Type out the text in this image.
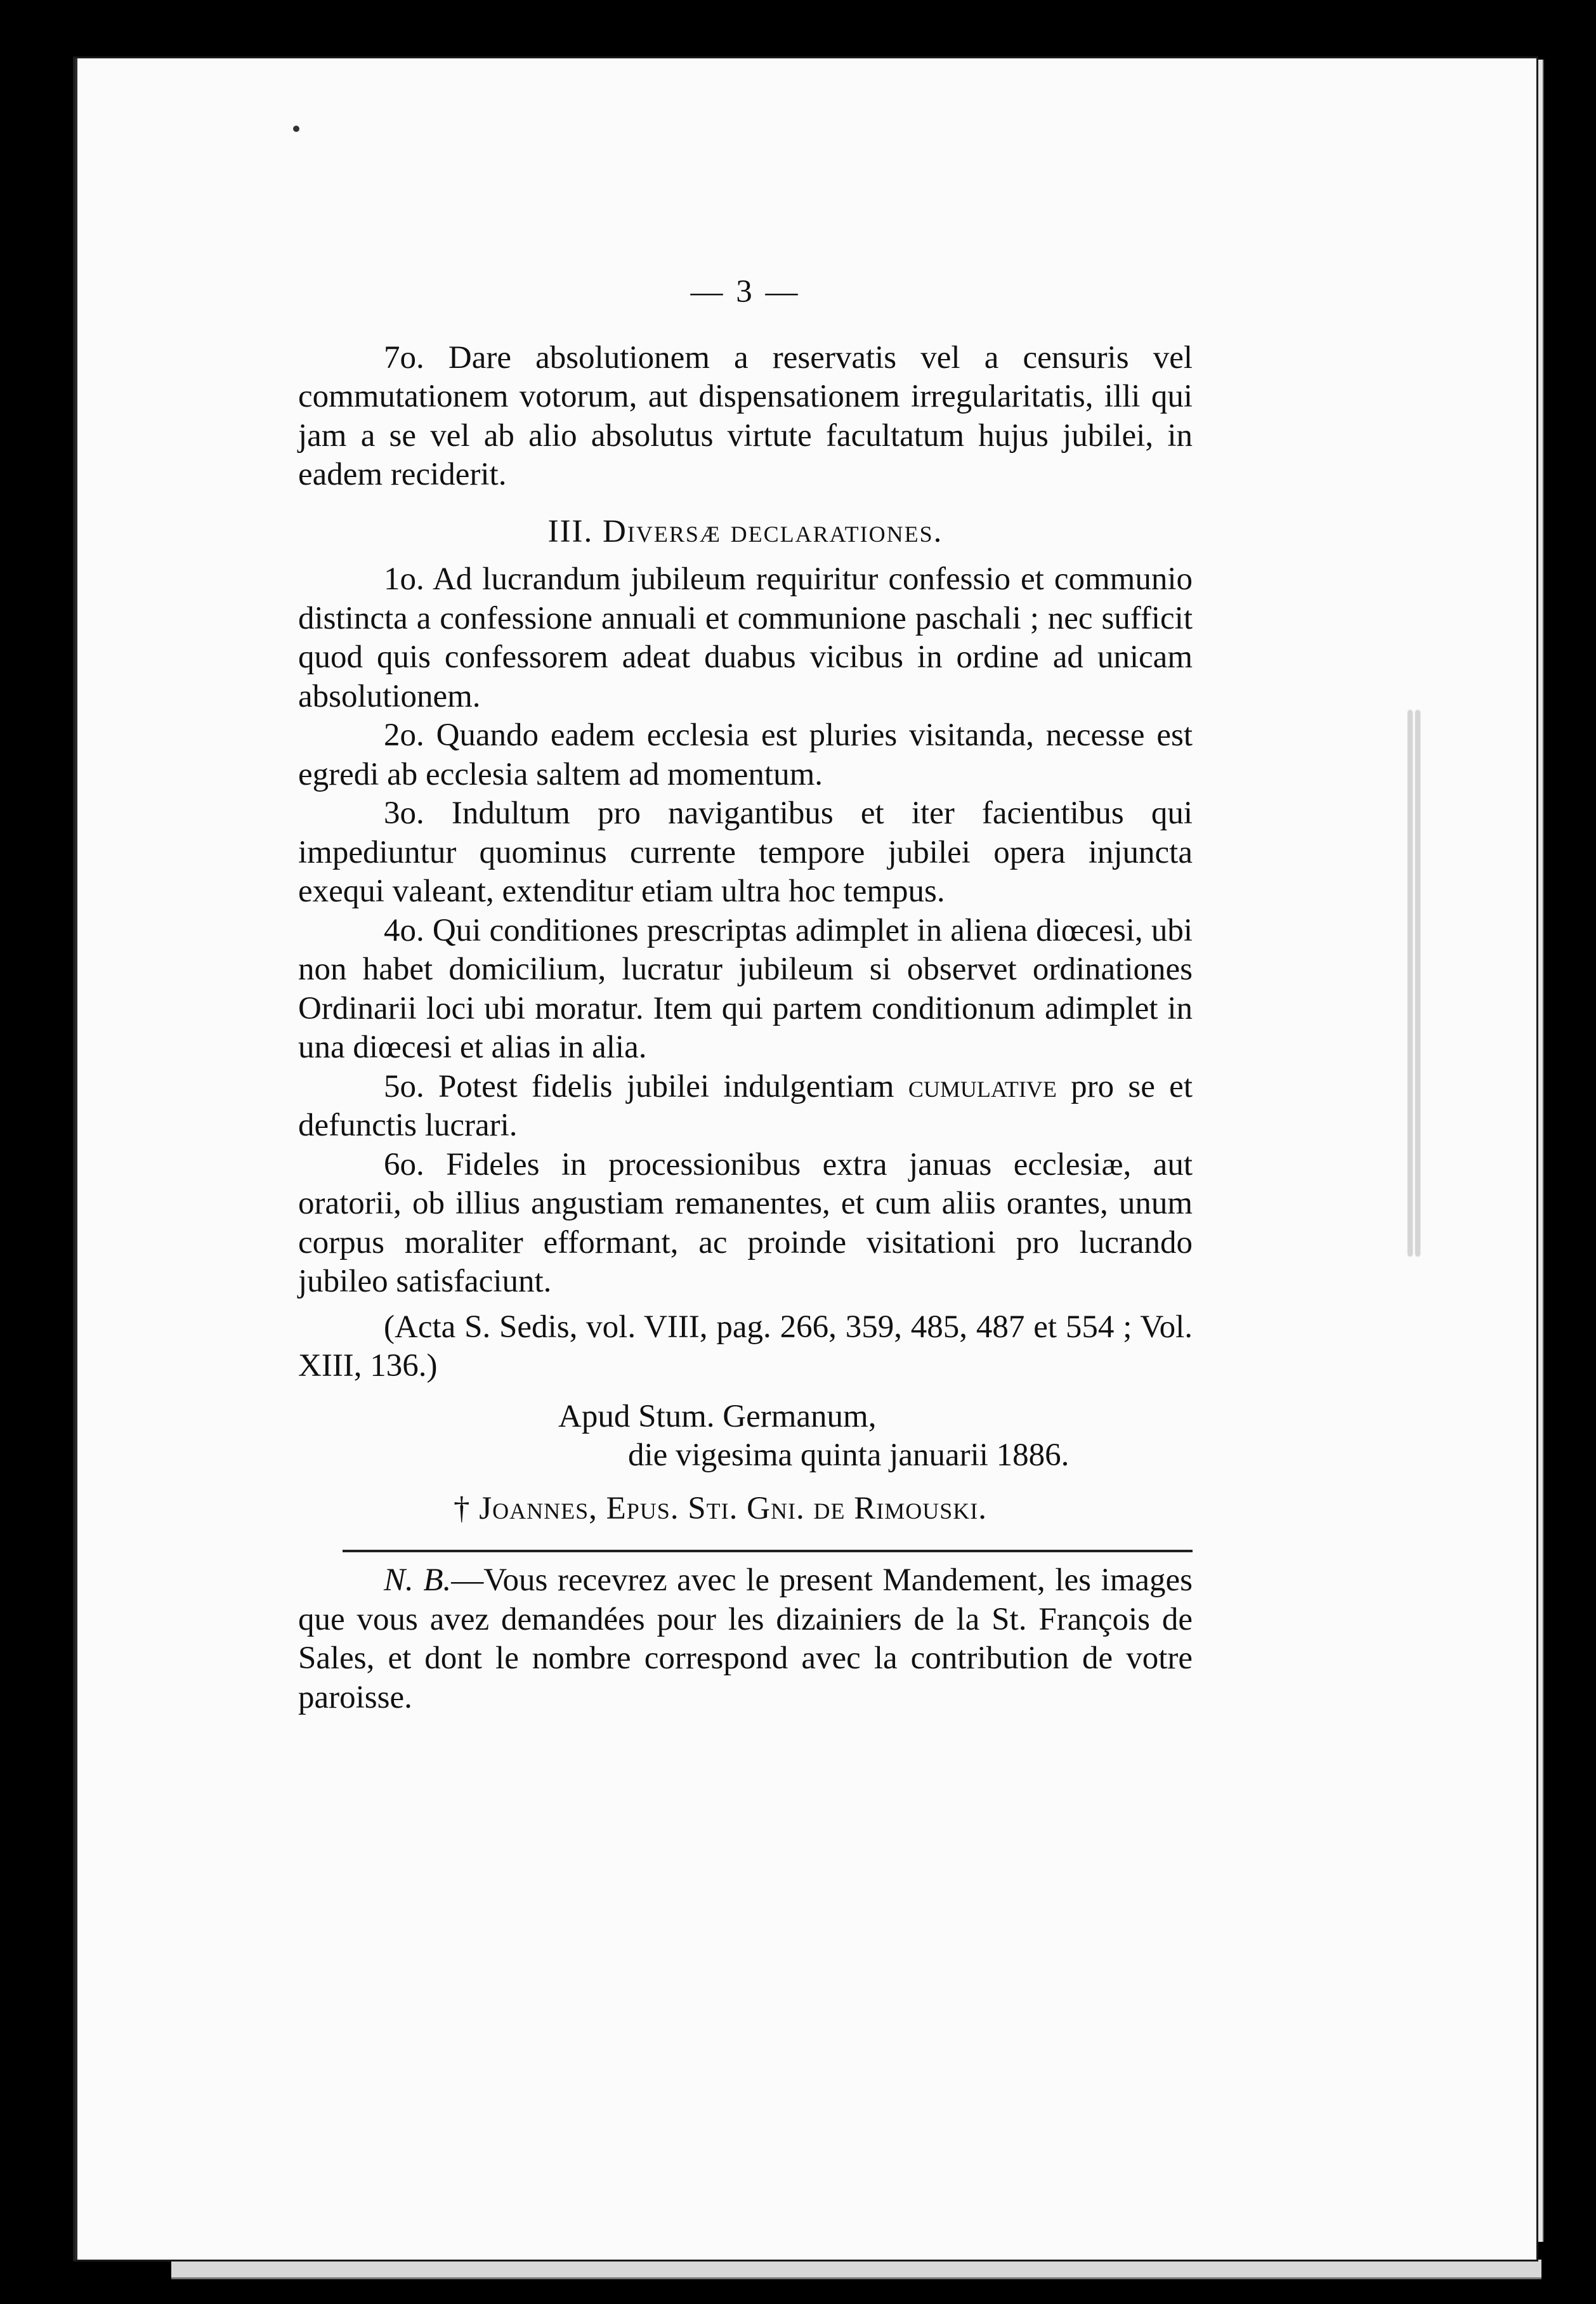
— 3 —

7o. Dare absolutionem a reservatis vel a censuris vel commutationem votorum, aut dispensationem irregularitatis, illi qui jam a se vel ab alio absolutus virtute facultatum hujus jubilei, in eadem reciderit.

III. Diversæ declarationes.

1o. Ad lucrandum jubileum requiritur confessio et communio distincta a confessione annuali et communione paschali ; nec sufficit quod quis confessorem adeat duabus vicibus in ordine ad unicam absolutionem.

2o. Quando eadem ecclesia est pluries visitanda, necesse est egredi ab ecclesia saltem ad momentum.

3o. Indultum pro navigantibus et iter facientibus qui impediuntur quominus currente tempore jubilei opera injuncta exequi valeant, extenditur etiam ultra hoc tempus.

4o. Qui conditiones prescriptas adimplet in aliena diœcesi, ubi non habet domicilium, lucratur jubileum si observet ordinationes Ordinarii loci ubi moratur. Item qui partem conditionum adimplet in una diœcesi et alias in alia.

5o. Potest fidelis jubilei indulgentiam cumulative pro se et defunctis lucrari.

6o. Fideles in processionibus extra januas ecclesiæ, aut oratorii, ob illius angustiam remanentes, et cum aliis orantes, unum corpus moraliter efformant, ac proinde visitationi pro lucrando jubileo satisfaciunt.

(Acta S. Sedis, vol. VIII, pag. 266, 359, 485, 487 et 554 ; Vol. XIII, 136.)

Apud Stum. Germanum,
die vigesima quinta januarii 1886.
† Joannes, Epus. Sti. Gni. de Rimouski.

N. B.—Vous recevrez avec le present Mandement, les images que vous avez demandées pour les dizainiers de la St. François de Sales, et dont le nombre correspond avec la contribution de votre paroisse.
